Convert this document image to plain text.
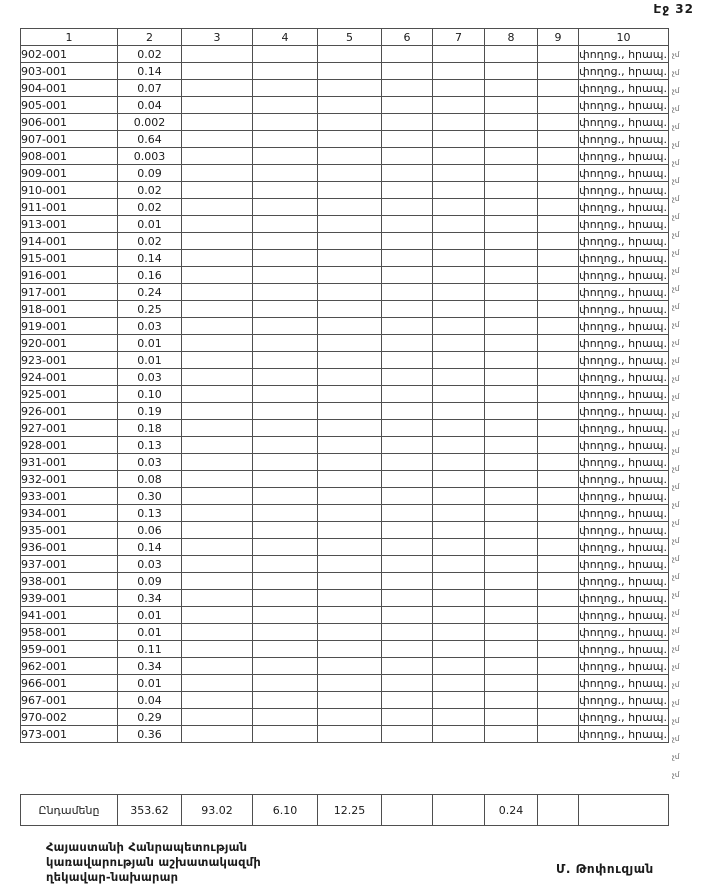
Էջ 32
1	2	3	4	5	6	7	8	9	10
902-001	0.02								փողոց., հրապ.
903-001	0.14								փողոց., հրապ.
904-001	0.07								փողոց., հրապ.
905-001	0.04								փողոց., հրապ.
906-001	0.002								փողոց., հրապ.
907-001	0.64								փողոց., հրապ.
908-001	0.003								փողոց., հրապ.
909-001	0.09								փողոց., հրապ.
910-001	0.02								փողոց., հրապ.
911-001	0.02								փողոց., հրապ.
913-001	0.01								փողոց., հրապ.
914-001	0.02								փողոց., հրապ.
915-001	0.14								փողոց., հրապ.
916-001	0.16								փողոց., հրապ.
917-001	0.24								փողոց., հրապ.
918-001	0.25								փողոց., հրապ.
919-001	0.03								փողոց., հրապ.
920-001	0.01								փողոց., հրապ.
923-001	0.01								փողոց., հրապ.
924-001	0.03								փողոց., հրապ.
925-001	0.10								փողոց., հրապ.
926-001	0.19								փողոց., հրապ.
927-001	0.18								փողոց., հրապ.
928-001	0.13								փողոց., հրապ.
931-001	0.03								փողոց., հրապ.
932-001	0.08								փողոց., հրապ.
933-001	0.30								փողոց., հրապ.
934-001	0.13								փողոց., հրապ.
935-001	0.06								փողոց., հրապ.
936-001	0.14								փողոց., հրապ.
937-001	0.03								փողոց., հրապ.
938-001	0.09								փողոց., հրապ.
939-001	0.34								փողոց., հրապ.
941-001	0.01								փողոց., հրապ.
958-001	0.01								փողոց., հրապ.
959-001	0.11								փողոց., հրապ.
962-001	0.34								փողոց., հրապ.
966-001	0.01								փողոց., հրապ.
967-001	0.04								փողոց., հրապ.
970-002	0.29								փողոց., հրապ.
973-001	0.36								փողոց., հրապ.
չմ
չմ
չմ
չմ
չմ
չմ
չմ
չմ
չմ
չմ
չմ
չմ
չմ
չմ
չմ
չմ
չմ
չմ
չմ
չմ
չմ
չմ
չմ
չմ
չմ
չմ
չմ
չմ
չմ
չմ
չմ
չմ
չմ
չմ
չմ
չմ
չմ
չմ
չմ
չմ
չմ
Ընդամենը	353.62	93.02	6.10	12.25			0.24		
Հայաստանի Հանրապետության
կառավարության աշխատակազմի
ղեկավար-նախարար
Մ. Թոփուզյան
